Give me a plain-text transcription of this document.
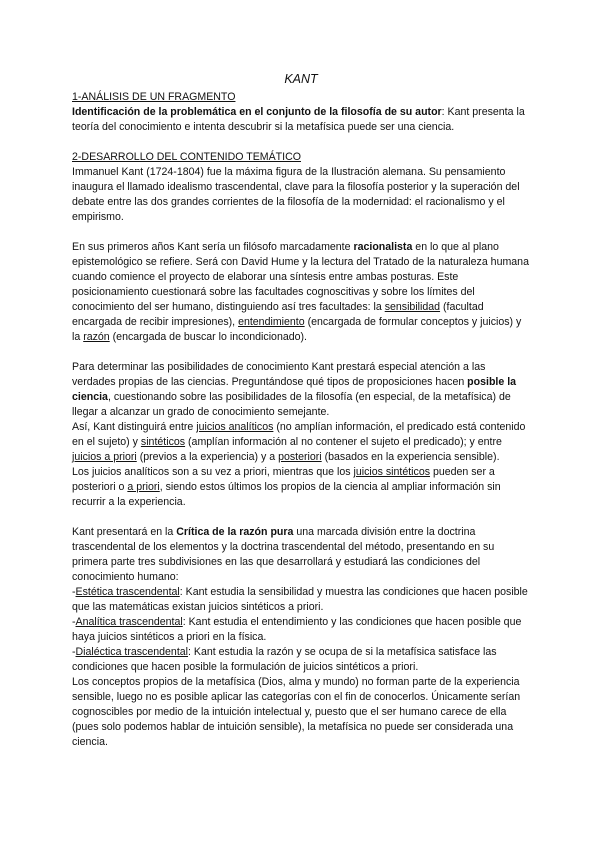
KANT

1-ANÁLISIS DE UN FRAGMENTO

Identificación de la problemática en el conjunto de la filosofía de su autor: Kant presenta la teoría del conocimiento e intenta descubrir si la metafísica puede ser una ciencia.

2-DESARROLLO DEL CONTENIDO TEMÁTICO

Immanuel Kant (1724-1804) fue la máxima figura de la Ilustración alemana. Su pensamiento inaugura el llamado idealismo trascendental, clave para la filosofía posterior y la superación del debate entre las dos grandes corrientes de la filosofía de la modernidad: el racionalismo y el empirismo.

En sus primeros años Kant sería un filósofo marcadamente racionalista en lo que al plano epistemológico se refiere. Será con David Hume y la lectura del Tratado de la naturaleza humana cuando comience el proyecto de elaborar una síntesis entre ambas posturas. Este posicionamiento cuestionará sobre las facultades cognoscitivas y sobre los límites del conocimiento del ser humano, distinguiendo así tres facultades: la sensibilidad (facultad encargada de recibir impresiones), entendimiento (encargada de formular conceptos y juicios) y la razón (encargada de buscar lo incondicionado).

Para determinar las posibilidades de conocimiento Kant prestará especial atención a las verdades propias de las ciencias. Preguntándose qué tipos de proposiciones hacen posible la ciencia, cuestionando sobre las posibilidades de la filosofía (en especial, de la metafísica) de llegar a alcanzar un grado de conocimiento semejante.

Así, Kant distinguirá entre juicios analíticos (no amplían información, el predicado está contenido en el sujeto) y sintéticos (amplían información al no contener el sujeto el predicado); y entre juicios a priori (previos a la experiencia) y a posteriori (basados en la experiencia sensible).

Los juicios analíticos son a su vez a priori, mientras que los juicios sintéticos pueden ser a posteriori o a priori, siendo estos últimos los propios de la ciencia al ampliar información sin recurrir a la experiencia.

Kant presentará en la Crítica de la razón pura una marcada división entre la doctrina trascendental de los elementos y la doctrina trascendental del método, presentando en su primera parte tres subdivisiones en las que desarrollará y estudiará las condiciones del conocimiento humano:

-Estética trascendental: Kant estudia la sensibilidad y muestra las condiciones que hacen posible que las matemáticas existan juicios sintéticos a priori.

-Analítica trascendental: Kant estudia el entendimiento y las condiciones que hacen posible que haya juicios sintéticos a priori en la física.

-Dialéctica trascendental: Kant estudia la razón y se ocupa de si la metafísica satisface las condiciones que hacen posible la formulación de juicios sintéticos a priori.

Los conceptos propios de la metafísica (Dios, alma y mundo) no forman parte de la experiencia sensible, luego no es posible aplicar las categorías con el fin de conocerlos. Únicamente serían cognoscibles por medio de la intuición intelectual y, puesto que el ser humano carece de ella (pues solo podemos hablar de intuición sensible), la metafísica no puede ser considerada una ciencia.
